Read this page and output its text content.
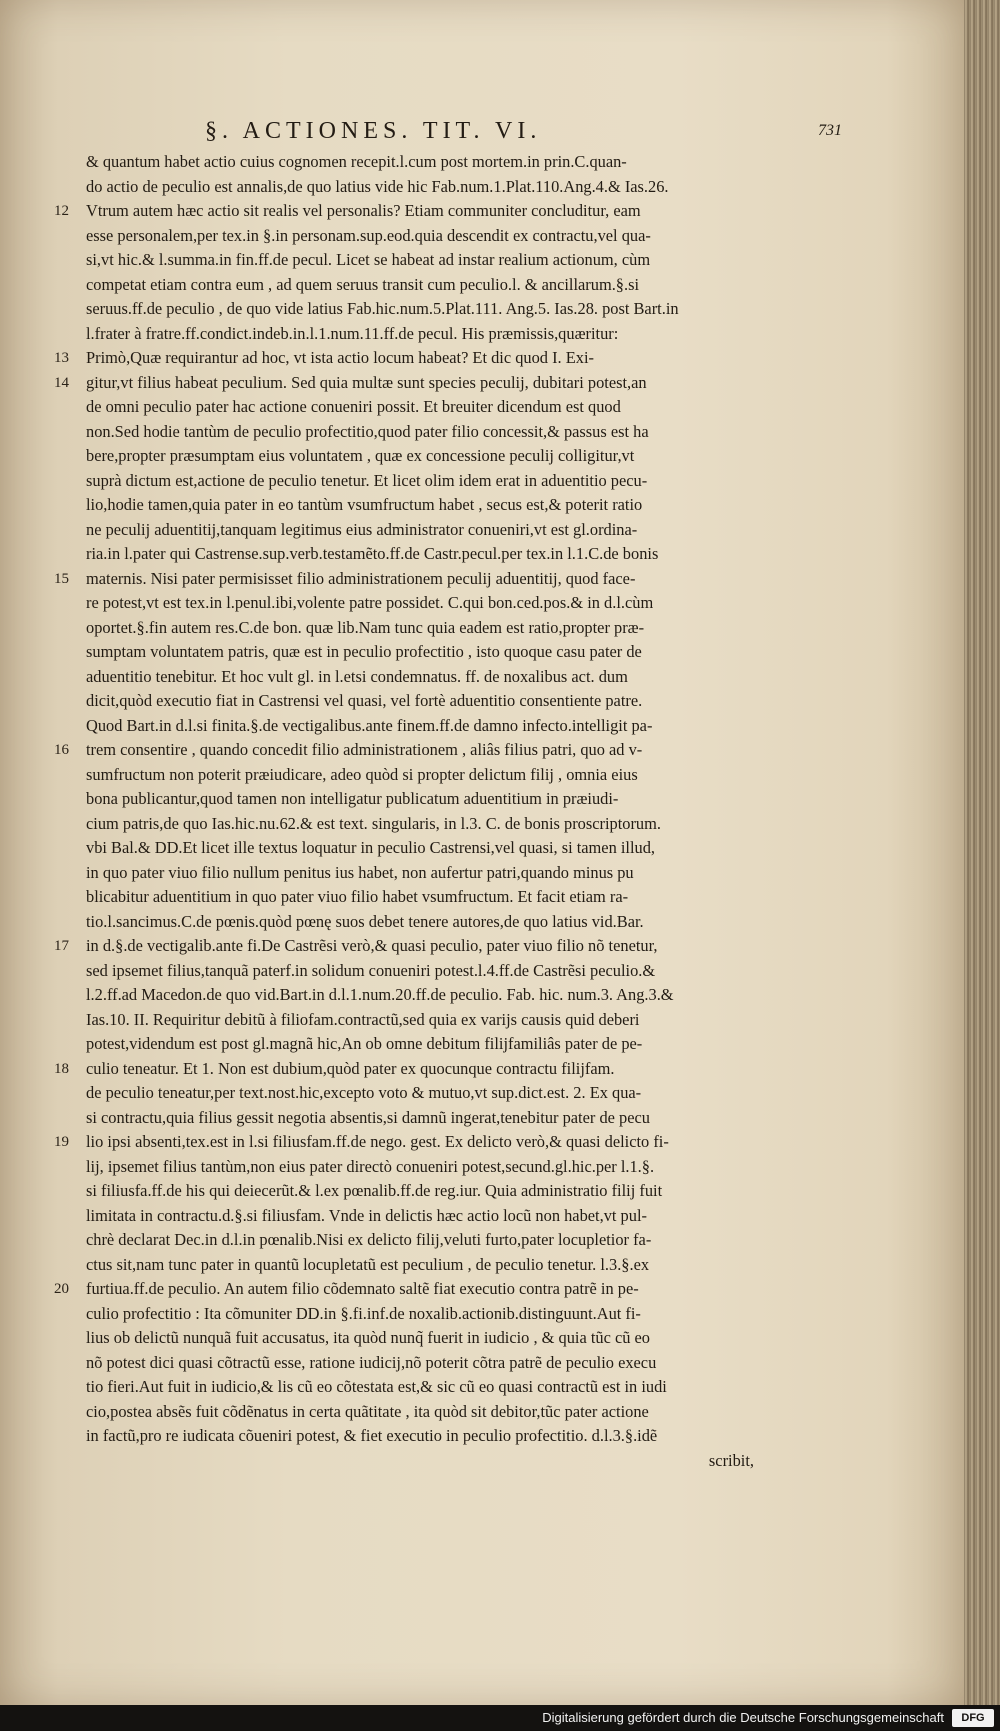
§. ACTIONES. TIT. VI.	731
& quantum habet actio cuius cognomen recepit.l.cum post mortem.in prin.C.quan-
do actio de peculio est annalis,de quo latius vide hic Fab.num.1.Plat.110.Ang.4.& Ias.26.
12	Vtrum autem hæc actio sit realis vel personalis? Etiam communiter concluditur, eam
esse personalem,per tex.in §.in personam.sup.eod.quia descendit ex contractu,vel qua-
si,vt hic.& l.summa.in fin.ff.de pecul. Licet se habeat ad instar realium actionum, cùm
competat etiam contra eum , ad quem seruus transit cum peculio.l. & ancillarum.§.si
seruus.ff.de peculio , de quo vide latius Fab.hic.num.5.Plat.111. Ang.5. Ias.28. post Bart.in
l.frater à fratre.ff.condict.indeb.in.l.1.num.11.ff.de pecul. His præmissis,quæritur:
13	Primò,Quæ requirantur ad hoc, vt ista actio locum habeat? Et dic quod I. Exi-
14	gitur,vt filius habeat peculium. Sed quia multæ sunt species peculij, dubitari potest,an
de omni peculio pater hac actione conueniri possit. Et breuiter dicendum est quod
non.Sed hodie tantùm de peculio profectitio,quod pater filio concessit,& passus est ha
bere,propter præsumptam eius voluntatem , quæ ex concessione peculij colligitur,vt
suprà dictum est,actione de peculio tenetur. Et licet olim idem erat in aduentitio pecu-
lio,hodie tamen,quia pater in eo tantùm vsumfructum habet , secus est,& poterit ratio
ne peculij aduentitij,tanquam legitimus eius administrator conueniri,vt est gl.ordina-
ria.in l.pater qui Castrense.sup.verb.testamẽto.ff.de Castr.pecul.per tex.in l.1.C.de bonis
15	maternis. Nisi pater permisisset filio administrationem peculij aduentitij, quod face-
re potest,vt est tex.in l.penul.ibi,volente patre possidet. C.qui bon.ced.pos.& in d.l.cùm
oportet.§.fin autem res.C.de bon. quæ lib.Nam tunc quia eadem est ratio,propter præ-
sumptam voluntatem patris, quæ est in peculio profectitio , isto quoque casu pater de
aduentitio tenebitur. Et hoc vult gl. in l.etsi condemnatus. ff. de noxalibus act. dum
dicit,quòd executio fiat in Castrensi vel quasi, vel fortè aduentitio consentiente patre.
Quod Bart.in d.l.si finita.§.de vectigalibus.ante finem.ff.de damno infecto.intelligit pa-
16	trem consentire , quando concedit filio administrationem , aliâs filius patri, quo ad v-
sumfructum non poterit præiudicare, adeo quòd si propter delictum filij , omnia eius
bona publicantur,quod tamen non intelligatur publicatum aduentitium in præiudi-
cium patris,de quo Ias.hic.nu.62.& est text. singularis, in l.3. C. de bonis proscriptorum.
vbi Bal.& DD.Et licet ille textus loquatur in peculio Castrensi,vel quasi, si tamen illud,
in quo pater viuo filio nullum penitus ius habet, non aufertur patri,quando minus pu
blicabitur aduentitium in quo pater viuo filio habet vsumfructum. Et facit etiam ra-
tio.l.sancimus.C.de pœnis.quòd pœnę suos debet tenere autores,de quo latius vid.Bar.
17	in d.§.de vectigalib.ante fi.De Castrẽsi verò,& quasi peculio, pater viuo filio nõ tenetur,
sed ipsemet filius,tanquã paterf.in solidum conueniri potest.l.4.ff.de Castrẽsi peculio.&
l.2.ff.ad Macedon.de quo vid.Bart.in d.l.1.num.20.ff.de peculio. Fab. hic. num.3. Ang.3.&
Ias.10. II. Requiritur debitũ à filiofam.contractũ,sed quia ex varijs causis quid deberi
potest,videndum est post gl.magnã hic,An ob omne debitum filijfamiliâs pater de pe-
18	culio teneatur. Et 1. Non est dubium,quòd pater ex quocunque contractu filijfam.
de peculio teneatur,per text.nost.hic,excepto voto & mutuo,vt sup.dict.est. 2. Ex qua-
si contractu,quia filius gessit negotia absentis,si damnũ ingerat,tenebitur pater de pecu
19	lio ipsi absenti,tex.est in l.si filiusfam.ff.de nego. gest. Ex delicto verò,& quasi delicto fi-
lij, ipsemet filius tantùm,non eius pater directò conueniri potest,secund.gl.hic.per l.1.§.
si filiusfa.ff.de his qui deiecerũt.& l.ex pœnalib.ff.de reg.iur. Quia administratio filij fuit
limitata in contractu.d.§.si filiusfam. Vnde in delictis hæc actio locũ non habet,vt pul-
chrè declarat Dec.in d.l.in pœnalib.Nisi ex delicto filij,veluti furto,pater locupletior fa-
ctus sit,nam tunc pater in quantũ locupletatũ est peculium , de peculio tenetur. l.3.§.ex
20	furtiua.ff.de peculio. An autem filio cõdemnato saltẽ fiat executio contra patrẽ in pe-
culio profectitio : Ita cõmuniter DD.in §.fi.inf.de noxalib.actionib.distinguunt.Aut fi-
lius ob delictũ nunquã fuit accusatus, ita quòd nunq̃ fuerit in iudicio , & quia tũc cũ eo
nõ potest dici quasi cõtractũ esse, ratione iudicij,nõ poterit cõtra patrẽ de peculio execu
tio fieri.Aut fuit in iudicio,& lis cũ eo cõtestata est,& sic cũ eo quasi contractũ est in iudi
cio,postea absẽs fuit cõdẽnatus in certa quãtitate , ita quòd sit debitor,tũc pater actione
in factũ,pro re iudicata cõueniri potest, & fiet executio in peculio profectitio. d.l.3.§.idẽ
scribit,
Digitalisierung gefördert durch die Deutsche Forschungsgemeinschaft	DFG
